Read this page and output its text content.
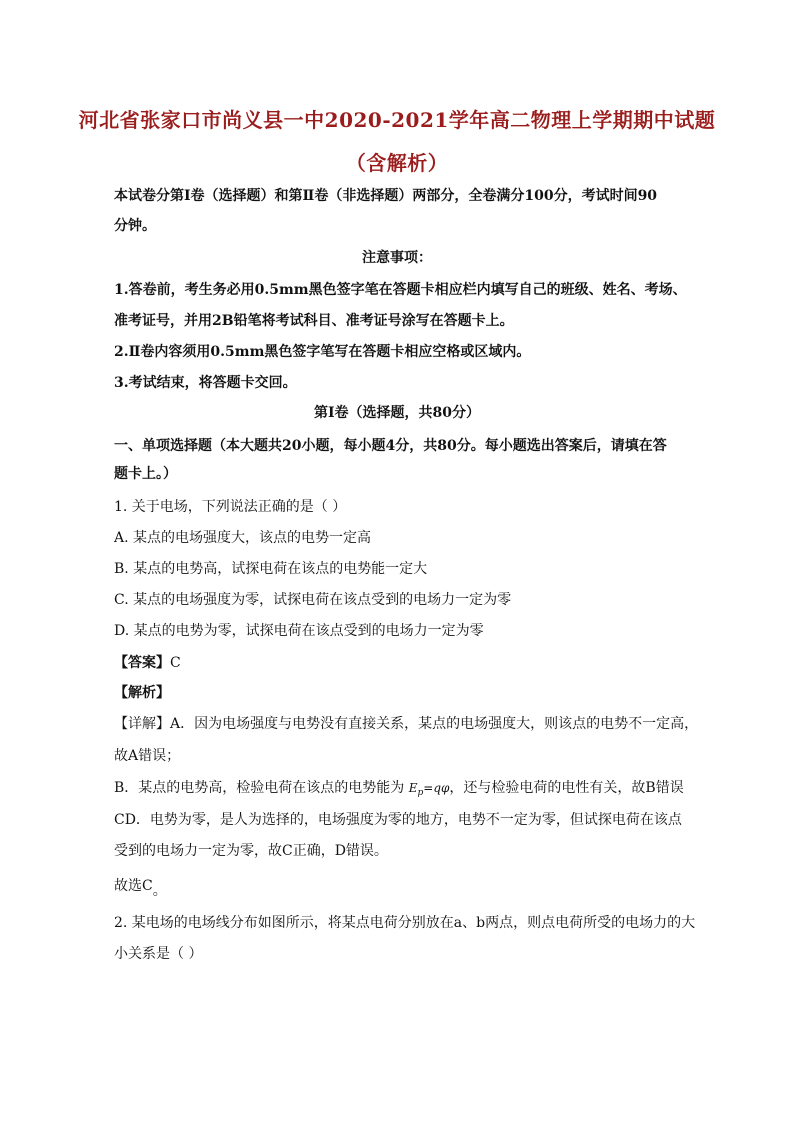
河北省张家口市尚义县一中2020-2021学年高二物理上学期期中试题
（含解析）
本试卷分第Ⅰ卷（选择题）和第Ⅱ卷（非选择题）两部分，全卷满分100分，考试时间90
分钟。
注意事项：
1.答卷前，考生务必用0.5mm黑色签字笔在答题卡相应栏内填写自己的班级、姓名、考场、
准考证号，并用2B铅笔将考试科目、准考证号涂写在答题卡上。
2.Ⅱ卷内容须用0.5mm黑色签字笔写在答题卡相应空格或区域内。
3.考试结束，将答题卡交回。
第Ⅰ卷（选择题，共80分）
一、单项选择题（本大题共20小题，每小题4分，共80分。每小题选出答案后，请填在答
题卡上。）
1. 关于电场，下列说法正确的是（ ）
A. 某点的电场强度大，该点的电势一定高
B. 某点的电势高，试探电荷在该点的电势能一定大
C. 某点的电场强度为零，试探电荷在该点受到的电场力一定为零
D. 某点的电势为零，试探电荷在该点受到的电场力一定为零
【答案】C
【解析】
【详解】A．因为电场强度与电势没有直接关系，某点的电场强度大，则该点的电势不一定高，
故A错误；
B．某点的电势高，检验电荷在该点的电势能为 $E_p=q\varphi$，还与检验电荷的电性有关，故B错误
CD．电势为零，是人为选择的，电场强度为零的地方，电势不一定为零，但试探电荷在该点
受到的电场力一定为零，故C正确，D错误。
故选C。
2. 某电场的电场线分布如图所示，将某点电荷分别放在a、b两点，则点电荷所受的电场力的大
小关系是（ ）
